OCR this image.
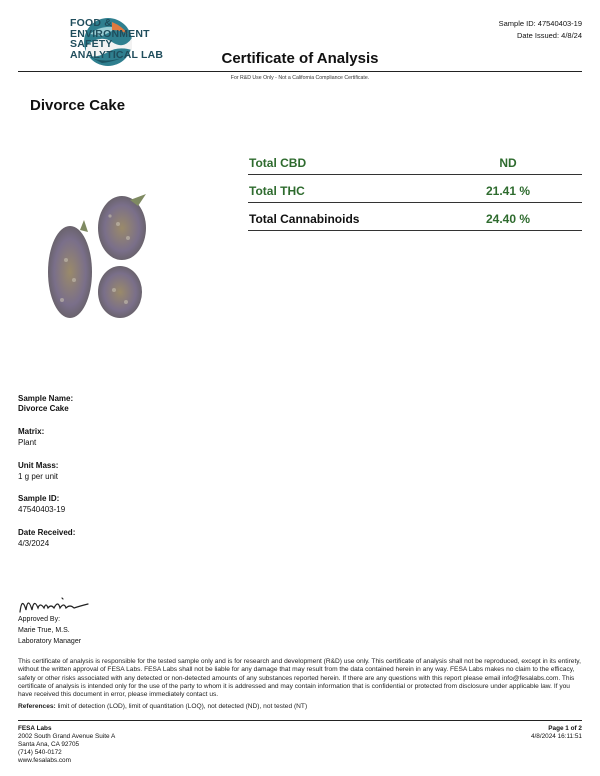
FOOD &
ENVIRONMENT
SAFETY
ANALYTICAL LAB
Sample ID: 47540403-19
Date Issued: 4/8/24
Certificate of Analysis
For R&D Use Only - Not a California Compliance Certificate.
Divorce Cake
Total CBD	ND
Total THC	21.41 %
Total Cannabinoids	24.40 %
Sample Name:
Divorce Cake
Matrix:
Plant
Unit Mass:
1 g per unit
Sample ID:
47540403-19
Date Received:
4/3/2024
Approved By:
Marie True, M.S.
Laboratory Manager
This certificate of analysis is responsible for the tested sample only and is for research and development (R&D) use only. This certificate of analysis shall not be reproduced, except in its entirety, without the written approval of FESA Labs. FESA Labs shall not be liable for any damage that may result from the data contained herein in any way. FESA Labs makes no claim to the efficacy, safety or other risks associated with any detected or non-detected amounts of any substances reported herein. If there are any questions with this report please email info@fesalabs.com. This certificate of analysis is intended only for the use of the party to whom it is addressed and may contain information that is confidential or protected from disclosure under applicable law. If you have received this document in error, please immediately contact us.
References: limit of detection (LOD), limit of quantitation (LOQ), not detected (ND), not tested (NT)
FESA Labs
2002 South Grand Avenue Suite A
Santa Ana, CA 92705
(714) 540-0172
www.fesalabs.com
Page 1 of 2
4/8/2024 16:11:51
